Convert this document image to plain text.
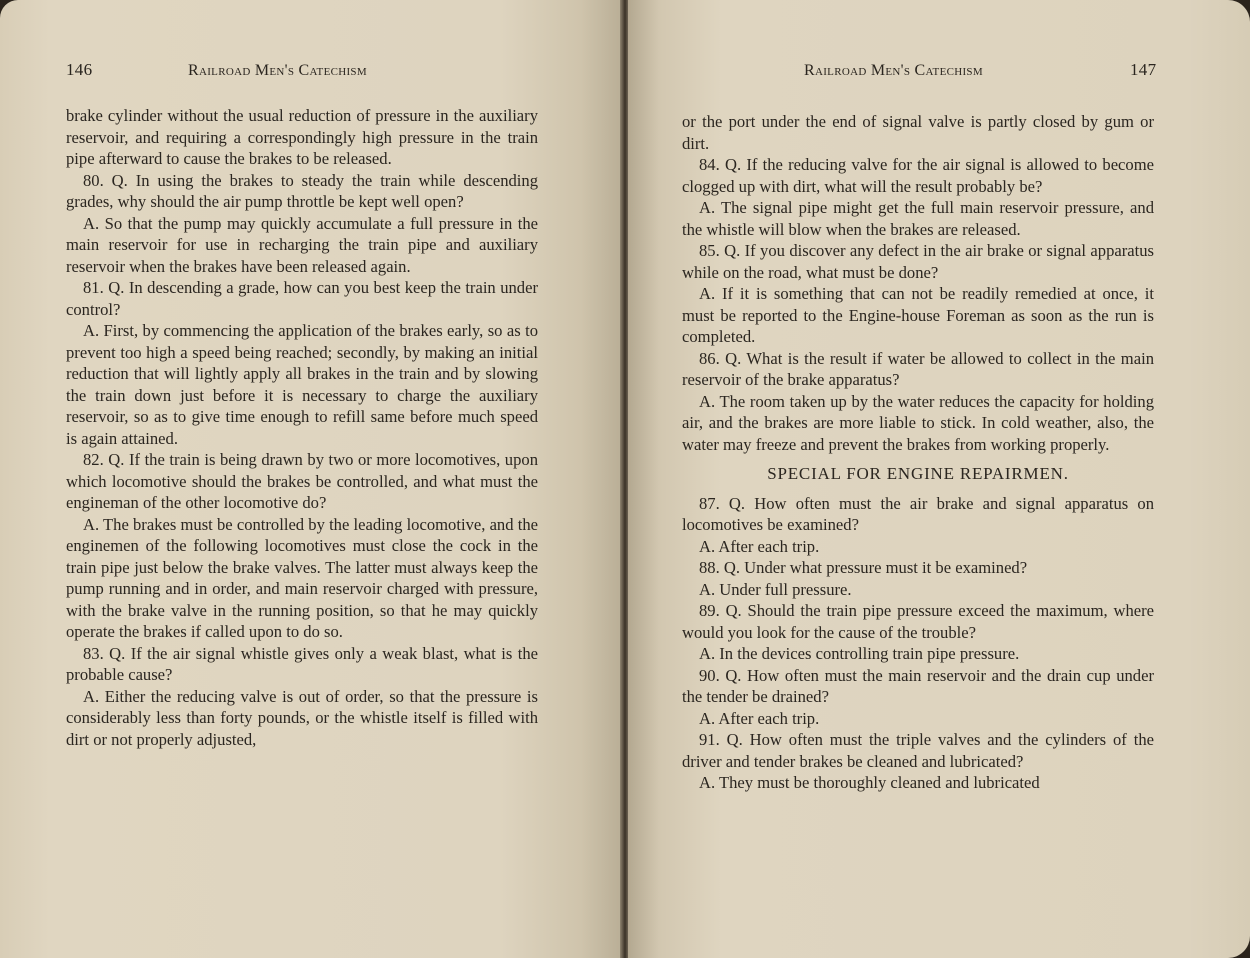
146	Railroad Men's Catechism

brake cylinder without the usual reduction of pressure in the auxiliary reservoir, and requiring a correspondingly high pressure in the train pipe afterward to cause the brakes to be released.

80. Q. In using the brakes to steady the train while descending grades, why should the air pump throttle be kept well open?

A. So that the pump may quickly accumulate a full pressure in the main reservoir for use in recharging the train pipe and auxiliary reservoir when the brakes have been released again.

81. Q. In descending a grade, how can you best keep the train under control?

A. First, by commencing the application of the brakes early, so as to prevent too high a speed being reached; secondly, by making an initial reduction that will lightly apply all brakes in the train and by slowing the train down just before it is necessary to charge the auxiliary reservoir, so as to give time enough to refill same before much speed is again attained.

82. Q. If the train is being drawn by two or more locomotives, upon which locomotive should the brakes be controlled, and what must the engineman of the other locomotive do?

A. The brakes must be controlled by the leading locomotive, and the enginemen of the following locomotives must close the cock in the train pipe just below the brake valves. The latter must always keep the pump running and in order, and main reservoir charged with pressure, with the brake valve in the running position, so that he may quickly operate the brakes if called upon to do so.

83. Q. If the air signal whistle gives only a weak blast, what is the probable cause?

A. Either the reducing valve is out of order, so that the pressure is considerably less than forty pounds, or the whistle itself is filled with dirt or not properly adjusted,

Railroad Men's Catechism	147

or the port under the end of signal valve is partly closed by gum or dirt.

84. Q. If the reducing valve for the air signal is allowed to become clogged up with dirt, what will the result probably be?

A. The signal pipe might get the full main reservoir pressure, and the whistle will blow when the brakes are released.

85. Q. If you discover any defect in the air brake or signal apparatus while on the road, what must be done?

A. If it is something that can not be readily remedied at once, it must be reported to the Engine-house Foreman as soon as the run is completed.

86. Q. What is the result if water be allowed to collect in the main reservoir of the brake apparatus?

A. The room taken up by the water reduces the capacity for holding air, and the brakes are more liable to stick. In cold weather, also, the water may freeze and prevent the brakes from working properly.

SPECIAL FOR ENGINE REPAIRMEN.

87. Q. How often must the air brake and signal apparatus on locomotives be examined?

A. After each trip.

88. Q. Under what pressure must it be examined?

A. Under full pressure.

89. Q. Should the train pipe pressure exceed the maximum, where would you look for the cause of the trouble?

A. In the devices controlling train pipe pressure.

90. Q. How often must the main reservoir and the drain cup under the tender be drained?

A. After each trip.

91. Q. How often must the triple valves and the cylinders of the driver and tender brakes be cleaned and lubricated?

A. They must be thoroughly cleaned and lubricated
